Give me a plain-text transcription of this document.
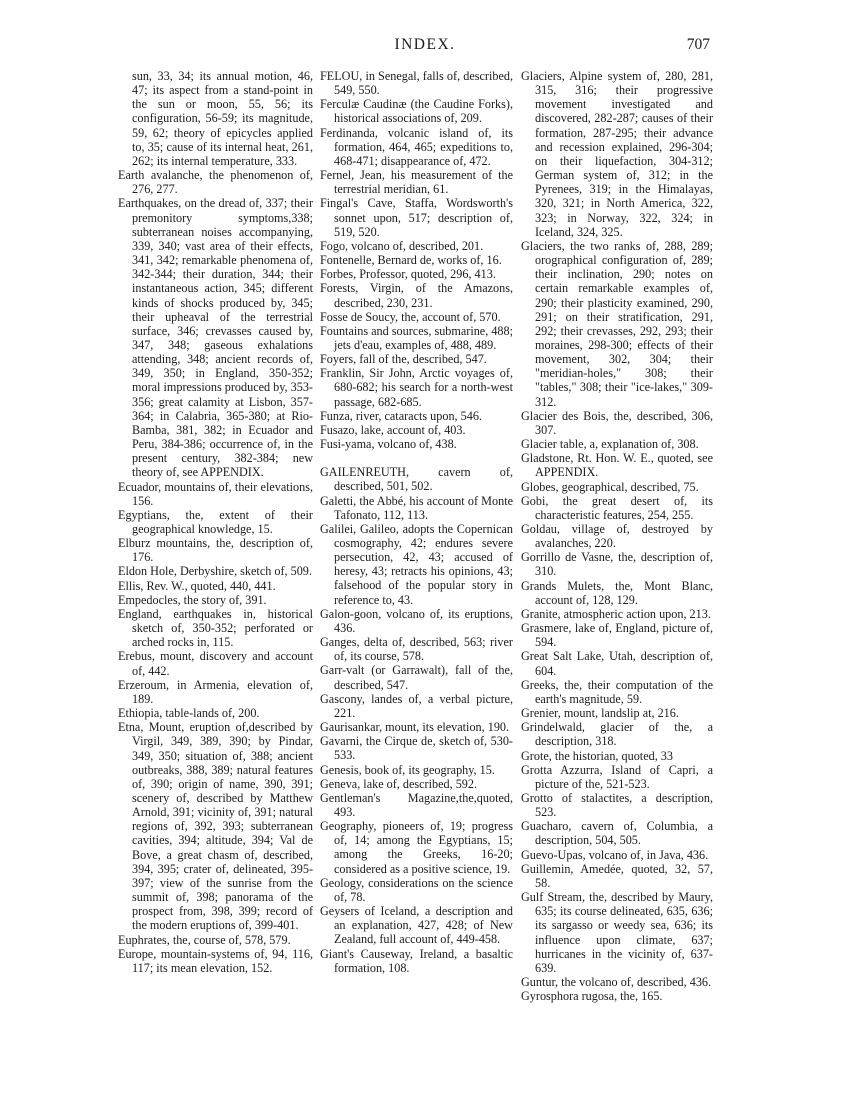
INDEX.	707

sun, 33, 34; its annual motion, 46, 47; its aspect from a stand-point in the sun or moon, 55, 56; its configuration, 56-59; its magnitude, 59, 62; theory of epicycles applied to, 35; cause of its internal heat, 261, 262; its internal temperature, 333.

Earth avalanche, the phenomenon of, 276, 277.

Earthquakes, on the dread of, 337; their premonitory symptoms,338; subterranean noises accompanying, 339, 340; vast area of their effects, 341, 342; remarkable phenomena of, 342-344; their duration, 344; their instantaneous action, 345; different kinds of shocks produced by, 345; their upheaval of the terrestrial surface, 346; crevasses caused by, 347, 348; gaseous exhalations attending, 348; ancient records of, 349, 350; in England, 350-352; moral impressions produced by, 353-356; great calamity at Lisbon, 357-364; in Calabria, 365-380; at Rio-Bamba, 381, 382; in Ecuador and Peru, 384-386; occurrence of, in the present century, 382-384; new theory of, see APPENDIX.

Ecuador, mountains of, their elevations, 156.

Egyptians, the, extent of their geographical knowledge, 15.

Elburz mountains, the, description of, 176.

Eldon Hole, Derbyshire, sketch of, 509.

Ellis, Rev. W., quoted, 440, 441.

Empedocles, the story of, 391.

England, earthquakes in, historical sketch of, 350-352; perforated or arched rocks in, 115.

Erebus, mount, discovery and account of, 442.

Erzeroum, in Armenia, elevation of, 189.

Ethiopia, table-lands of, 200.

Etna, Mount, eruption of,described by Virgil, 349, 389, 390; by Pindar, 349, 350; situation of, 388; ancient outbreaks, 388, 389; natural features of, 390; origin of name, 390, 391; scenery of, described by Matthew Arnold, 391; vicinity of, 391; natural regions of, 392, 393; subterranean cavities, 394; altitude, 394; Val de Bove, a great chasm of, described, 394, 395; crater of, delineated, 395-397; view of the sunrise from the summit of, 398; panorama of the prospect from, 398, 399; record of the modern eruptions of, 399-401.

Euphrates, the, course of, 578, 579.

Europe, mountain-systems of, 94, 116, 117; its mean elevation, 152.

FELOU, in Senegal, falls of, described, 549, 550.

Ferculæ Caudinæ (the Caudine Forks), historical associations of, 209.

Ferdinanda, volcanic island of, its formation, 464, 465; expeditions to, 468-471; disappearance of, 472.

Fernel, Jean, his measurement of the terrestrial meridian, 61.

Fingal's Cave, Staffa, Wordsworth's sonnet upon, 517; description of, 519, 520.

Fogo, volcano of, described, 201.

Fontenelle, Bernard de, works of, 16.

Forbes, Professor, quoted, 296, 413.

Forests, Virgin, of the Amazons, described, 230, 231.

Fosse de Soucy, the, account of, 570.

Fountains and sources, submarine, 488; jets d'eau, examples of, 488, 489.

Foyers, fall of the, described, 547.

Franklin, Sir John, Arctic voyages of, 680-682; his search for a north-west passage, 682-685.

Funza, river, cataracts upon, 546.

Fusazo, lake, account of, 403.

Fusi-yama, volcano of, 438.

GAILENREUTH, cavern of, described, 501, 502.

Galetti, the Abbé, his account of Monte Tafonato, 112, 113.

Galilei, Galileo, adopts the Copernican cosmography, 42; endures severe persecution, 42, 43; accused of heresy, 43; retracts his opinions, 43; falsehood of the popular story in reference to, 43.

Galon-goon, volcano of, its eruptions, 436.

Ganges, delta of, described, 563; river of, its course, 578.

Garr-valt (or Garrawalt), fall of the, described, 547.

Gascony, landes of, a verbal picture, 221.

Gaurisankar, mount, its elevation, 190.

Gavarni, the Cirque de, sketch of, 530-533.

Genesis, book of, its geography, 15.

Geneva, lake of, described, 592.

Gentleman's Magazine,the,quoted, 493.

Geography, pioneers of, 19; progress of, 14; among the Egyptians, 15; among the Greeks, 16-20; considered as a positive science, 19.

Geology, considerations on the science of, 78.

Geysers of Iceland, a description and an explanation, 427, 428; of New Zealand, full account of, 449-458.

Giant's Causeway, Ireland, a basaltic formation, 108.

Glaciers, Alpine system of, 280, 281, 315, 316; their progressive movement investigated and discovered, 282-287; causes of their formation, 287-295; their advance and recession explained, 296-304; on their liquefaction, 304-312; German system of, 312; in the Pyrenees, 319; in the Himalayas, 320, 321; in North America, 322, 323; in Norway, 322, 324; in Iceland, 324, 325.

Glaciers, the two ranks of, 288, 289; orographical configuration of, 289; their inclination, 290; notes on certain remarkable examples of, 290; their plasticity examined, 290, 291; on their stratification, 291, 292; their crevasses, 292, 293; their moraines, 298-300; effects of their movement, 302, 304; their "meridian-holes," 308; their "tables," 308; their "ice-lakes," 309-312.

Glacier des Bois, the, described, 306, 307.

Glacier table, a, explanation of, 308.

Gladstone, Rt. Hon. W. E., quoted, see APPENDIX.

Globes, geographical, described, 75.

Gobi, the great desert of, its characteristic features, 254, 255.

Goldau, village of, destroyed by avalanches, 220.

Gorrillo de Vasne, the, description of, 310.

Grands Mulets, the, Mont Blanc, account of, 128, 129.

Granite, atmospheric action upon, 213.

Grasmere, lake of, England, picture of, 594.

Great Salt Lake, Utah, description of, 604.

Greeks, the, their computation of the earth's magnitude, 59.

Grenier, mount, landslip at, 216.

Grindelwald, glacier of the, a description, 318.

Grote, the historian, quoted, 33

Grotta Azzurra, Island of Capri, a picture of the, 521-523.

Grotto of stalactites, a description, 523.

Guacharo, cavern of, Columbia, a description, 504, 505.

Guevo-Upas, volcano of, in Java, 436.

Guillemin, Amedée, quoted, 32, 57, 58.

Gulf Stream, the, described by Maury, 635; its course delineated, 635, 636; its sargasso or weedy sea, 636; its influence upon climate, 637; hurricanes in the vicinity of, 637-639.

Guntur, the volcano of, described, 436.

Gyrosphora rugosa, the, 165.
